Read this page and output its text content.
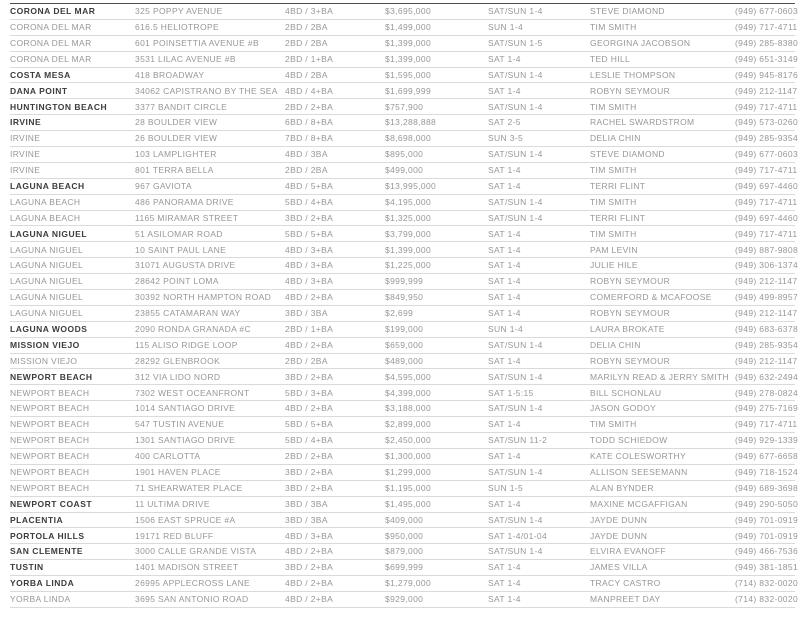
CORONA DEL MAR	325 POPPY AVENUE	4BD / 3+BA	$3,695,000	SAT/SUN 1-4	STEVE DIAMOND	(949) 677-0603
CORONA DEL MAR	616.5 HELIOTROPE	2BD / 2BA	$1,499,000	SUN 1-4	TIM SMITH	(949) 717-4711
CORONA DEL MAR	601 POINSETTIA AVENUE #B	2BD / 2BA	$1,399,000	SAT/SUN 1-5	GEORGINA JACOBSON	(949) 285-8380
CORONA DEL MAR	3531 LILAC AVENUE #B	2BD / 1+BA	$1,399,000	SAT 1-4	TED HILL	(949) 651-3149
COSTA MESA	418 BROADWAY	4BD / 2BA	$1,595,000	SAT/SUN 1-4	LESLIE THOMPSON	(949) 945-8176
DANA POINT	34062 CAPISTRANO BY THE SEA 4BD / 4+BA	$1,699,999	SAT 1-4	ROBYN SEYMOUR	(949) 212-1147
HUNTINGTON BEACH	3377 BANDIT CIRCLE	2BD / 2+BA	$757,900	SAT/SUN 1-4	TIM SMITH	(949) 717-4711
IRVINE	28 BOULDER VIEW	6BD / 8+BA	$13,288,888	SAT 2-5	RACHEL SWARDSTROM	(949) 573-0260
IRVINE	26 BOULDER VIEW	7BD / 8+BA	$8,698,000	SUN 3-5	DELIA CHIN	(949) 285-9354
IRVINE	103 LAMPLIGHTER	4BD / 3BA	$895,000	SAT/SUN 1-4	STEVE DIAMOND	(949) 677-0603
IRVINE	801 TERRA BELLA	2BD / 2BA	$499,000	SAT 1-4	TIM SMITH	(949) 717-4711
LAGUNA BEACH	967 GAVIOTA	4BD / 5+BA	$13,995,000	SAT 1-4	TERRI FLINT	(949) 697-4460
LAGUNA BEACH	486 PANORAMA DRIVE	5BD / 4+BA	$4,195,000	SAT/SUN 1-4	TIM SMITH	(949) 717-4711
LAGUNA BEACH	1165 MIRAMAR STREET	3BD / 2+BA	$1,325,000	SAT/SUN 1-4	TERRI FLINT	(949) 697-4460
LAGUNA NIGUEL	51 ASILOMAR ROAD	5BD / 5+BA	$3,799,000	SAT 1-4	TIM SMITH	(949) 717-4711
LAGUNA NIGUEL	10 SAINT PAUL LANE	4BD / 3+BA	$1,399,000	SAT 1-4	PAM LEVIN	(949) 887-9808
LAGUNA NIGUEL	31071 AUGUSTA DRIVE	4BD / 3+BA	$1,225,000	SAT 1-4	JULIE HILE	(949) 306-1374
LAGUNA NIGUEL	28642 POINT LOMA	4BD / 3+BA	$999,999	SAT 1-4	ROBYN SEYMOUR	(949) 212-1147
LAGUNA NIGUEL	30392 NORTH HAMPTON ROAD	4BD / 2+BA	$849,950	SAT 1-4	COMERFORD & MCAFOOSE	(949) 499-8957
LAGUNA NIGUEL	23855 CATAMARAN WAY	3BD / 3BA	$2,699	SAT 1-4	ROBYN SEYMOUR	(949) 212-1147
LAGUNA WOODS	2090 RONDA GRANADA #C	2BD / 1+BA	$199,000	SUN 1-4	LAURA BROKATE	(949) 683-6378
MISSION VIEJO	115 ALISO RIDGE LOOP	4BD / 2+BA	$659,000	SAT/SUN 1-4	DELIA CHIN	(949) 285-9354
MISSION VIEJO	28292 GLENBROOK	2BD / 2BA	$489,000	SAT 1-4	ROBYN SEYMOUR	(949) 212-1147
NEWPORT BEACH	312 VIA LIDO NORD	3BD / 2+BA	$4,595,000	SAT/SUN 1-4	MARILYN READ & JERRY SMITH (949) 632-2494
NEWPORT BEACH	7302 WEST OCEANFRONT	5BD / 3+BA	$4,399,000	SAT 1-5:15	BILL SCHONLAU	(949) 278-0824
NEWPORT BEACH	1014 SANTIAGO DRIVE	4BD / 2+BA	$3,188,000	SAT/SUN 1-4	JASON GODOY	(949) 275-7169
NEWPORT BEACH	547 TUSTIN AVENUE	5BD / 5+BA	$2,899,000	SAT 1-4	TIM SMITH	(949) 717-4711
NEWPORT BEACH	1301 SANTIAGO DRIVE	5BD / 4+BA	$2,450,000	SAT/SUN 11-2	TODD SCHIEDOW	(949) 929-1339
NEWPORT BEACH	400 CARLOTTA	2BD / 2+BA	$1,300,000	SAT 1-4	KATE COLESWORTHY	(949) 677-6658
NEWPORT BEACH	1901 HAVEN PLACE	3BD / 2+BA	$1,299,000	SAT/SUN 1-4	ALLISON SEESEMANN	(949) 718-1524
NEWPORT BEACH	71 SHEARWATER PLACE	3BD / 2+BA	$1,195,000	SUN 1-5	ALAN BYNDER	(949) 689-3698
NEWPORT COAST	11 ULTIMA DRIVE	3BD / 3BA	$1,495,000	SAT 1-4	MAXINE MCGAFFIGAN	(949) 290-5050
PLACENTIA	1506 EAST SPRUCE #A	3BD / 3BA	$409,000	SAT/SUN 1-4	JAYDE DUNN	(949) 701-0919
PORTOLA HILLS	19171 RED BLUFF	4BD / 3+BA	$950,000	SAT 1-4/01-04	JAYDE DUNN	(949) 701-0919
SAN CLEMENTE	3000 CALLE GRANDE VISTA	4BD / 2+BA	$879,000	SAT/SUN 1-4	ELVIRA EVANOFF	(949) 466-7536
TUSTIN	1401 MADISON STREET	3BD / 2+BA	$699,999	SAT 1-4	JAMES VILLA	(949) 381-1851
YORBA LINDA	26995 APPLECROSS LANE	4BD / 2+BA	$1,279,000	SAT 1-4	TRACY CASTRO	(714) 832-0020
YORBA LINDA	3695 SAN ANTONIO ROAD	4BD / 2+BA	$929,000	SAT 1-4	MANPREET DAY	(714) 832-0020
